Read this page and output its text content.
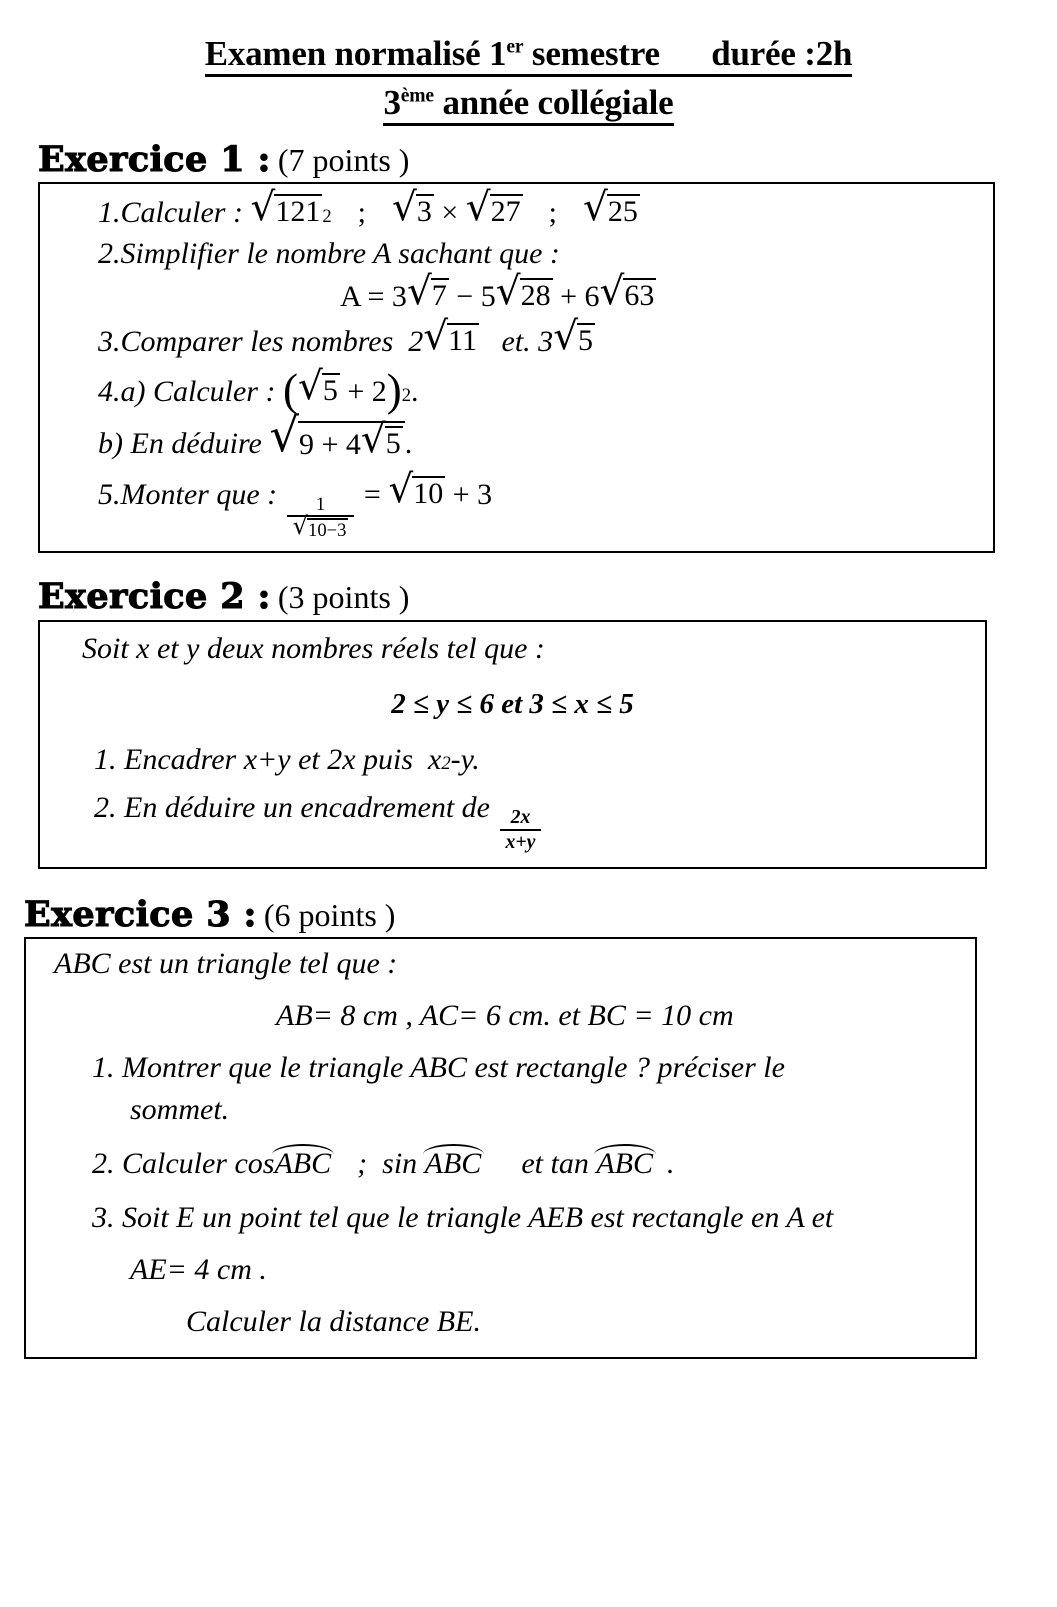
Examen normalisé 1er semestre durée :2h
3ème année collégiale
Exercice 1 : (7 points )
1.Calculer : √ 121 2 ; √ 3 × √ 27 ; √ 25
2.Simplifier le nombre A sachant que :
A = 3 √ 7 − 5 √ 28 + 6 √ 63
3.Comparer les nombres  2 √ 11 et. 3 √ 5
4.a) Calculer : ( √ 5 + 2 ) 2 .
b) En déduire √ 9 + 4 √ 5 .
5.Monter que :
$\frac{1}{√ 10-3}$
= √ 10 + 3
Exercice 2 : (3 points )
Soit x et y deux nombres réels tel que :
2 ≤ y ≤ 6 et 3 ≤ x ≤ 5
1. Encadrer x+y et 2x puis  x 2 -y.
2. En déduire un encadrement de $\frac{2x}{x+y}$
Exercice 3 : (6 points )
ABC est un triangle tel que :
AB= 8 cm , AC= 6 cm. et BC = 10 cm
1. Montrer que le triangle ABC est rectangle ? préciser le
sommet.
2. Calculer cos ABC ;  sin ABC et tan ABC .
3. Soit E un point tel que le triangle AEB est rectangle en A et
AE= 4 cm .
Calculer la distance BE.
